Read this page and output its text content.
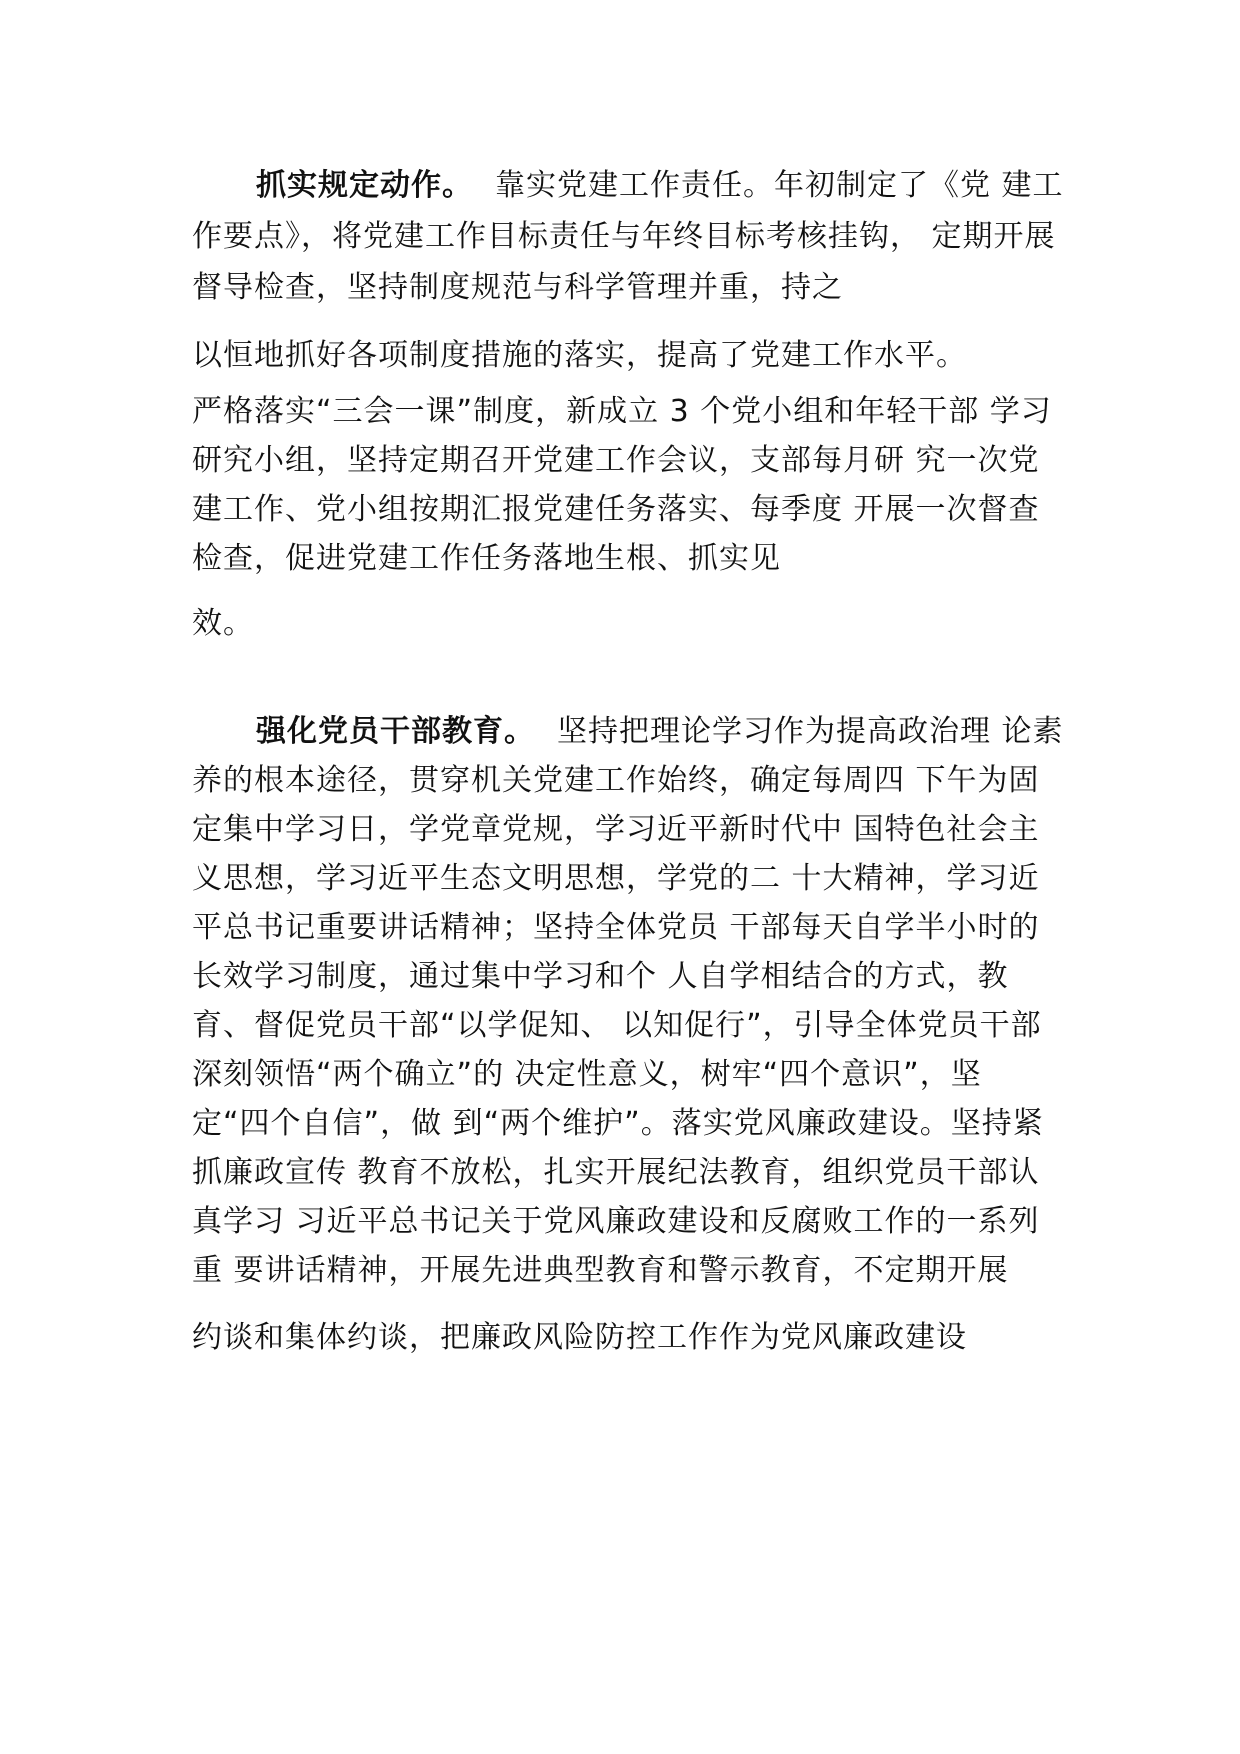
抓实规定动作。 靠实党建工作责任。年初制定了《党 建工
作要点》，将党建工作目标责任与年终目标考核挂钩， 定期开展
督导检查，坚持制度规范与科学管理并重，持之
以恒地抓好各项制度措施的落实，提高了党建工作水平。
严格落实“三会一课”制度，新成立 3 个党小组和年轻干部 学习
研究小组，坚持定期召开党建工作会议，支部每月研 究一次党
建工作、党小组按期汇报党建任务落实、每季度 开展一次督查
检查，促进党建工作任务落地生根、抓实见
效。
强化党员干部教育。 坚持把理论学习作为提高政治理 论素
养的根本途径，贯穿机关党建工作始终，确定每周四 下午为固
定集中学习日，学党章党规，学习近平新时代中 国特色社会主
义思想，学习近平生态文明思想，学党的二 十大精神，学习近
平总书记重要讲话精神；坚持全体党员 干部每天自学半小时的
长效学习制度，通过集中学习和个 人自学相结合的方式，教
育、督促党员干部“以学促知、 以知促行”，引导全体党员干部
深刻领悟“两个确立”的 决定性意义，树牢“四个意识”，坚
定“四个自信”，做 到“两个维护”。落实党风廉政建设。坚持紧
抓廉政宣传 教育不放松，扎实开展纪法教育，组织党员干部认
真学习 习近平总书记关于党风廉政建设和反腐败工作的一系列
重 要讲话精神，开展先进典型教育和警示教育，不定期开展
约谈和集体约谈，把廉政风险防控工作作为党风廉政建设
